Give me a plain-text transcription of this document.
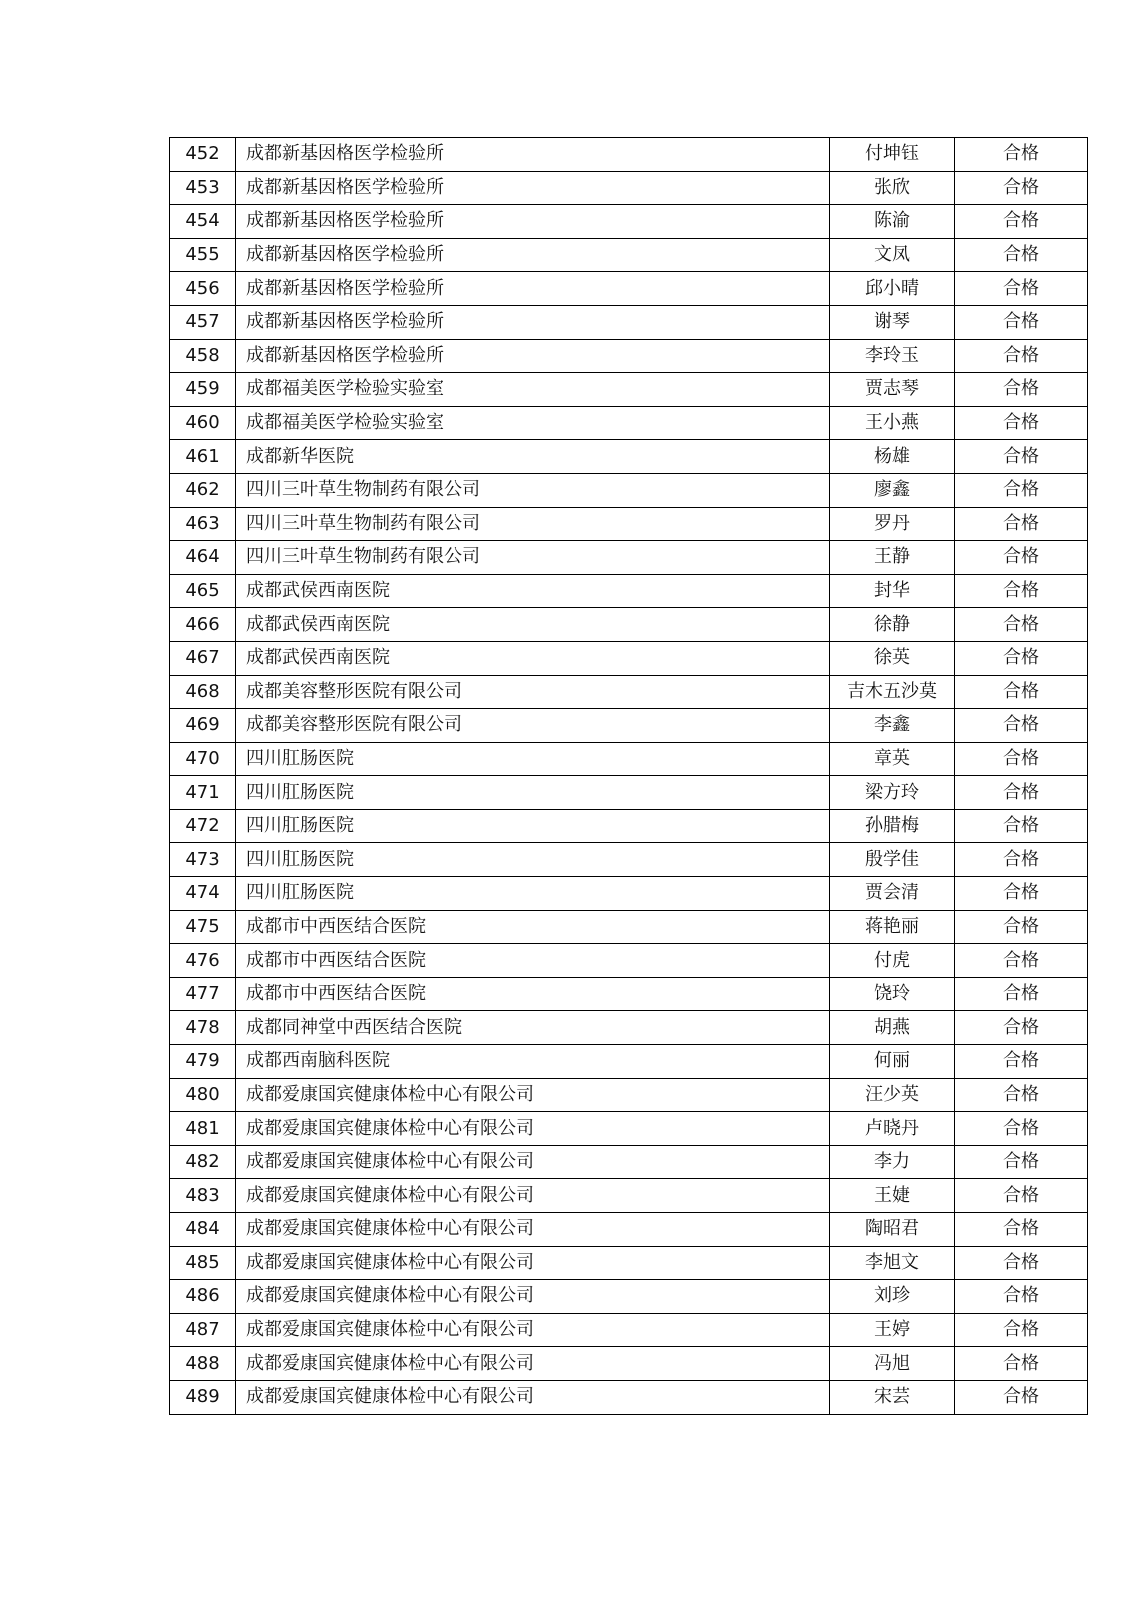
452	成都新基因格医学检验所	付坤钰	合格
453	成都新基因格医学检验所	张欣	合格
454	成都新基因格医学检验所	陈渝	合格
455	成都新基因格医学检验所	文凤	合格
456	成都新基因格医学检验所	邱小晴	合格
457	成都新基因格医学检验所	谢琴	合格
458	成都新基因格医学检验所	李玲玉	合格
459	成都福美医学检验实验室	贾志琴	合格
460	成都福美医学检验实验室	王小燕	合格
461	成都新华医院	杨雄	合格
462	四川三叶草生物制药有限公司	廖鑫	合格
463	四川三叶草生物制药有限公司	罗丹	合格
464	四川三叶草生物制药有限公司	王静	合格
465	成都武侯西南医院	封华	合格
466	成都武侯西南医院	徐静	合格
467	成都武侯西南医院	徐英	合格
468	成都美容整形医院有限公司	吉木五沙莫	合格
469	成都美容整形医院有限公司	李鑫	合格
470	四川肛肠医院	章英	合格
471	四川肛肠医院	梁方玲	合格
472	四川肛肠医院	孙腊梅	合格
473	四川肛肠医院	殷学佳	合格
474	四川肛肠医院	贾会清	合格
475	成都市中西医结合医院	蒋艳丽	合格
476	成都市中西医结合医院	付虎	合格
477	成都市中西医结合医院	饶玲	合格
478	成都同神堂中西医结合医院	胡燕	合格
479	成都西南脑科医院	何丽	合格
480	成都爱康国宾健康体检中心有限公司	汪少英	合格
481	成都爱康国宾健康体检中心有限公司	卢晓丹	合格
482	成都爱康国宾健康体检中心有限公司	李力	合格
483	成都爱康国宾健康体检中心有限公司	王婕	合格
484	成都爱康国宾健康体检中心有限公司	陶昭君	合格
485	成都爱康国宾健康体检中心有限公司	李旭文	合格
486	成都爱康国宾健康体检中心有限公司	刘珍	合格
487	成都爱康国宾健康体检中心有限公司	王婷	合格
488	成都爱康国宾健康体检中心有限公司	冯旭	合格
489	成都爱康国宾健康体检中心有限公司	宋芸	合格
